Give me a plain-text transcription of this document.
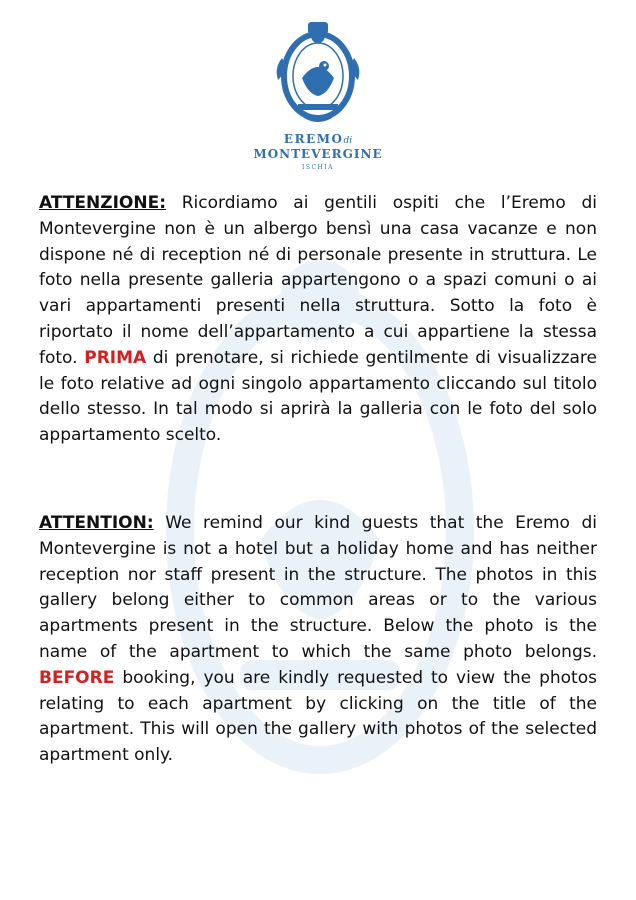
EREMOdi
MONTEVERGINE
ISCHIA

ATTENZIONE: Ricordiamo ai gentili ospiti che l’Eremo di Montevergine non è un albergo bensì una casa vacanze e non dispone né di reception né di personale presente in struttura. Le foto nella presente galleria appartengono o a spazi comuni o ai vari appartamenti presenti nella struttura. Sotto la foto è riportato il nome dell’appartamento a cui appartiene la stessa foto. PRIMA di prenotare, si richiede gentilmente di visualizzare le foto relative ad ogni singolo appartamento cliccando sul titolo dello stesso. In tal modo si aprirà la galleria con le foto del solo appartamento scelto.

ATTENTION: We remind our kind guests that the Eremo di Montevergine is not a hotel but a holiday home and has neither reception nor staff present in the structure. The photos in this gallery belong either to common areas or to the various apartments present in the structure. Below the photo is the name of the apartment to which the same photo belongs. BEFORE booking, you are kindly requested to view the photos relating to each apartment by clicking on the title of the apartment. This will open the gallery with photos of the selected apartment only.
